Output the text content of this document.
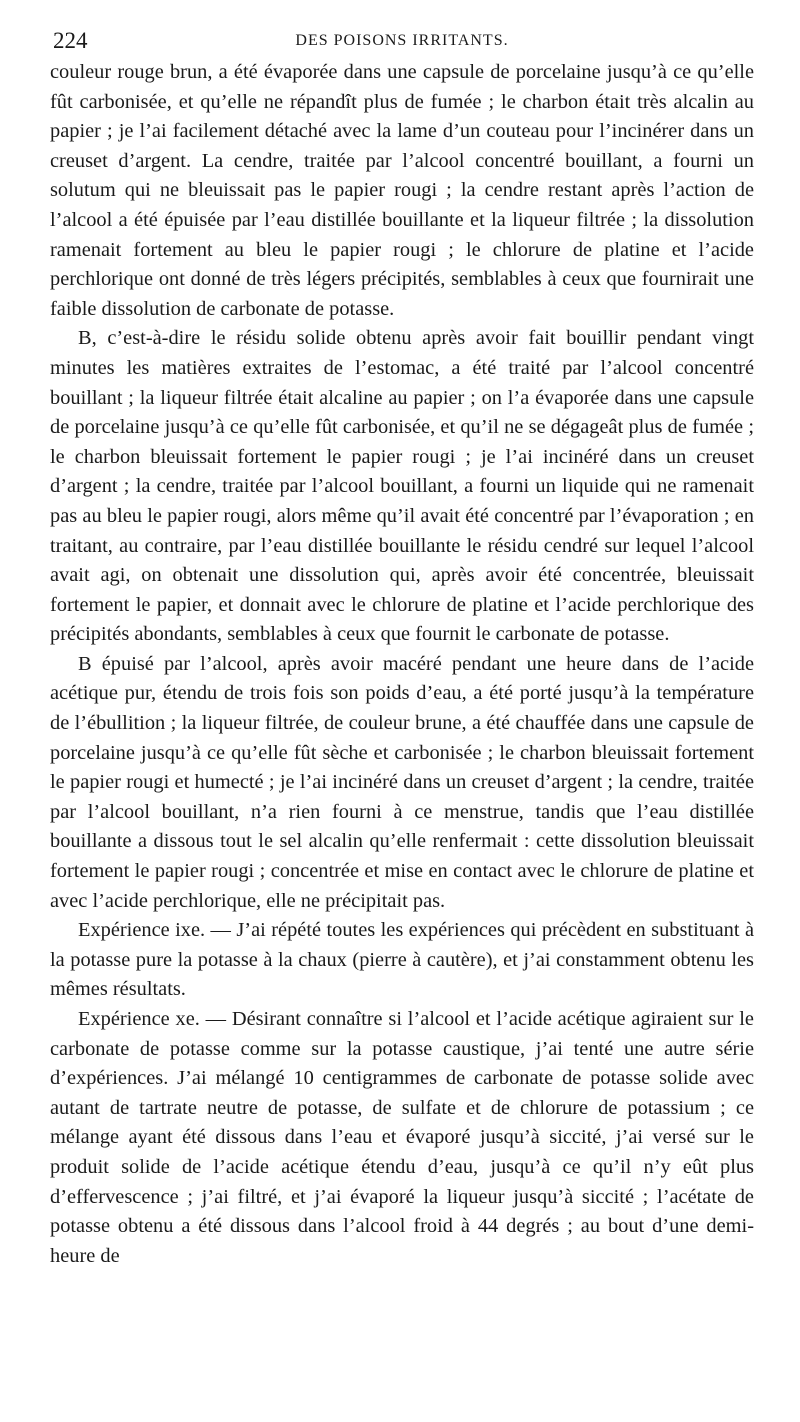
224	DES POISONS IRRITANTS.

couleur rouge brun, a été évaporée dans une capsule de porcelaine jusqu’à ce qu’elle fût carbonisée, et qu’elle ne répandît plus de fumée ; le charbon était très alcalin au papier ; je l’ai facilement détaché avec la lame d’un couteau pour l’incinérer dans un creuset d’argent. La cendre, traitée par l’alcool concentré bouillant, a fourni un solutum qui ne bleuissait pas le papier rougi ; la cendre restant après l’action de l’alcool a été épuisée par l’eau distillée bouillante et la liqueur filtrée ; la dissolution ramenait fortement au bleu le papier rougi ; le chlorure de platine et l’acide perchlorique ont donné de très légers précipités, semblables à ceux que fournirait une faible dissolution de carbonate de potasse.

B, c’est-à-dire le résidu solide obtenu après avoir fait bouillir pendant vingt minutes les matières extraites de l’estomac, a été traité par l’alcool concentré bouillant ; la liqueur filtrée était alcaline au papier ; on l’a évaporée dans une capsule de porcelaine jusqu’à ce qu’elle fût carbonisée, et qu’il ne se dégageât plus de fumée ; le charbon bleuissait fortement le papier rougi ; je l’ai incinéré dans un creuset d’argent ; la cendre, traitée par l’alcool bouillant, a fourni un liquide qui ne ramenait pas au bleu le papier rougi, alors même qu’il avait été concentré par l’évaporation ; en traitant, au contraire, par l’eau distillée bouillante le résidu cendré sur lequel l’alcool avait agi, on obtenait une dissolution qui, après avoir été concentrée, bleuissait fortement le papier, et donnait avec le chlorure de platine et l’acide perchlorique des précipités abondants, semblables à ceux que fournit le carbonate de potasse.

B épuisé par l’alcool, après avoir macéré pendant une heure dans de l’acide acétique pur, étendu de trois fois son poids d’eau, a été porté jusqu’à la température de l’ébullition ; la liqueur filtrée, de couleur brune, a été chauffée dans une capsule de porcelaine jusqu’à ce qu’elle fût sèche et carbonisée ; le charbon bleuissait fortement le papier rougi et humecté ; je l’ai incinéré dans un creuset d’argent ; la cendre, traitée par l’alcool bouillant, n’a rien fourni à ce menstrue, tandis que l’eau distillée bouillante a dissous tout le sel alcalin qu’elle renfermait : cette dissolution bleuissait fortement le papier rougi ; concentrée et mise en contact avec le chlorure de platine et avec l’acide perchlorique, elle ne précipitait pas.

Expérience ixe. — J’ai répété toutes les expériences qui précèdent en substituant à la potasse pure la potasse à la chaux (pierre à cautère), et j’ai constamment obtenu les mêmes résultats.

Expérience xe. — Désirant connaître si l’alcool et l’acide acétique agiraient sur le carbonate de potasse comme sur la potasse caustique, j’ai tenté une autre série d’expériences. J’ai mélangé 10 centigrammes de carbonate de potasse solide avec autant de tartrate neutre de potasse, de sulfate et de chlorure de potassium ; ce mélange ayant été dissous dans l’eau et évaporé jusqu’à siccité, j’ai versé sur le produit solide de l’acide acétique étendu d’eau, jusqu’à ce qu’il n’y eût plus d’effervescence ; j’ai filtré, et j’ai évaporé la liqueur jusqu’à siccité ; l’acétate de potasse obtenu a été dissous dans l’alcool froid à 44 degrés ; au bout d’une demi-heure de
